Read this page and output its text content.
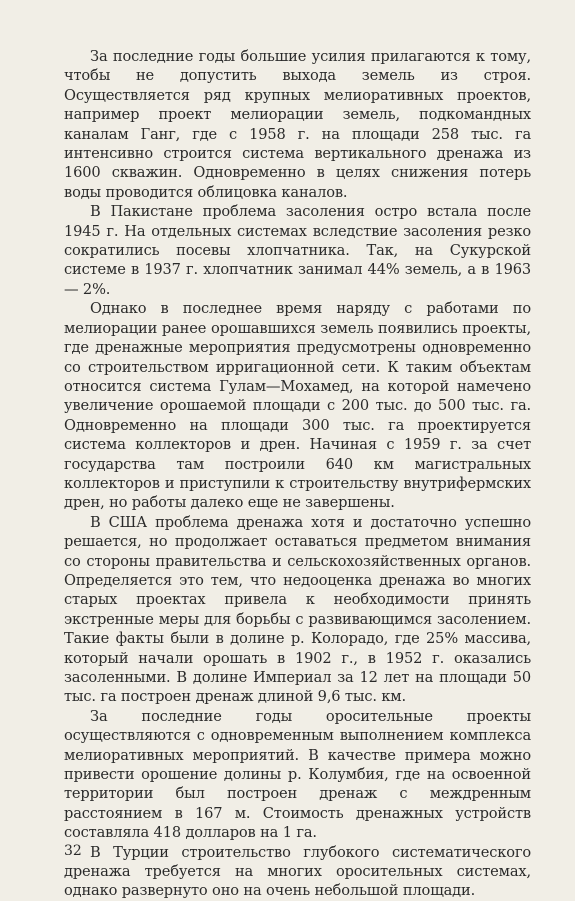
За последние годы большие усилия прилагаются к тому, чтобы не допустить выхода земель из строя. Осуществляется ряд крупных мелиоративных проектов, например проект мелиорации земель, подкомандных каналам Ганг, где с 1958 г. на площади 258 тыс. га интенсивно строится система вертикального дренажа из 1600 скважин. Одновременно в целях снижения потерь воды проводится облицовка каналов.

В Пакистане проблема засоления остро встала после 1945 г. На отдельных системах вследствие засоления резко сократились посевы хлопчатника. Так, на Сукурской системе в 1937 г. хлопчатник занимал 44% земель, а в 1963 — 2%.

Однако в последнее время наряду с работами по мелиорации ранее орошавшихся земель появились проекты, где дренажные мероприятия предусмотрены одновременно со строительством ирригационной сети. К таким объектам относится система Гулам—Мохамед, на которой намечено увеличение орошаемой площади с 200 тыс. до 500 тыс. га. Одновременно на площади 300 тыс. га проектируется система коллекторов и дрен. Начиная с 1959 г. за счет государства там построили 640 км магистральных коллекторов и приступили к строительству внутрифермских дрен, но работы далеко еще не завершены.

В США проблема дренажа хотя и достаточно успешно решается, но продолжает оставаться предметом внимания со стороны правительства и сельскохозяйственных органов. Определяется это тем, что недооценка дренажа во многих старых проектах привела к необходимости принять экстренные меры для борьбы с развивающимся засолением. Такие факты были в долине р. Колорадо, где 25% массива, который начали орошать в 1902 г., в 1952 г. оказались засоленными. В долине Империал за 12 лет на площади 50 тыс. га построен дренаж длиной 9,6 тыс. км.

За последние годы оросительные проекты осуществляются с одновременным выполнением комплекса мелиоративных мероприятий. В качестве примера можно привести орошение долины р. Колумбия, где на освоенной территории был построен дренаж с междренным расстоянием в 167 м. Стоимость дренажных устройств составляла 418 долларов на 1 га.

В Турции строительство глубокого систематического дренажа требуется на многих оросительных системах, однако развернуто оно на очень небольшой площади.

32
